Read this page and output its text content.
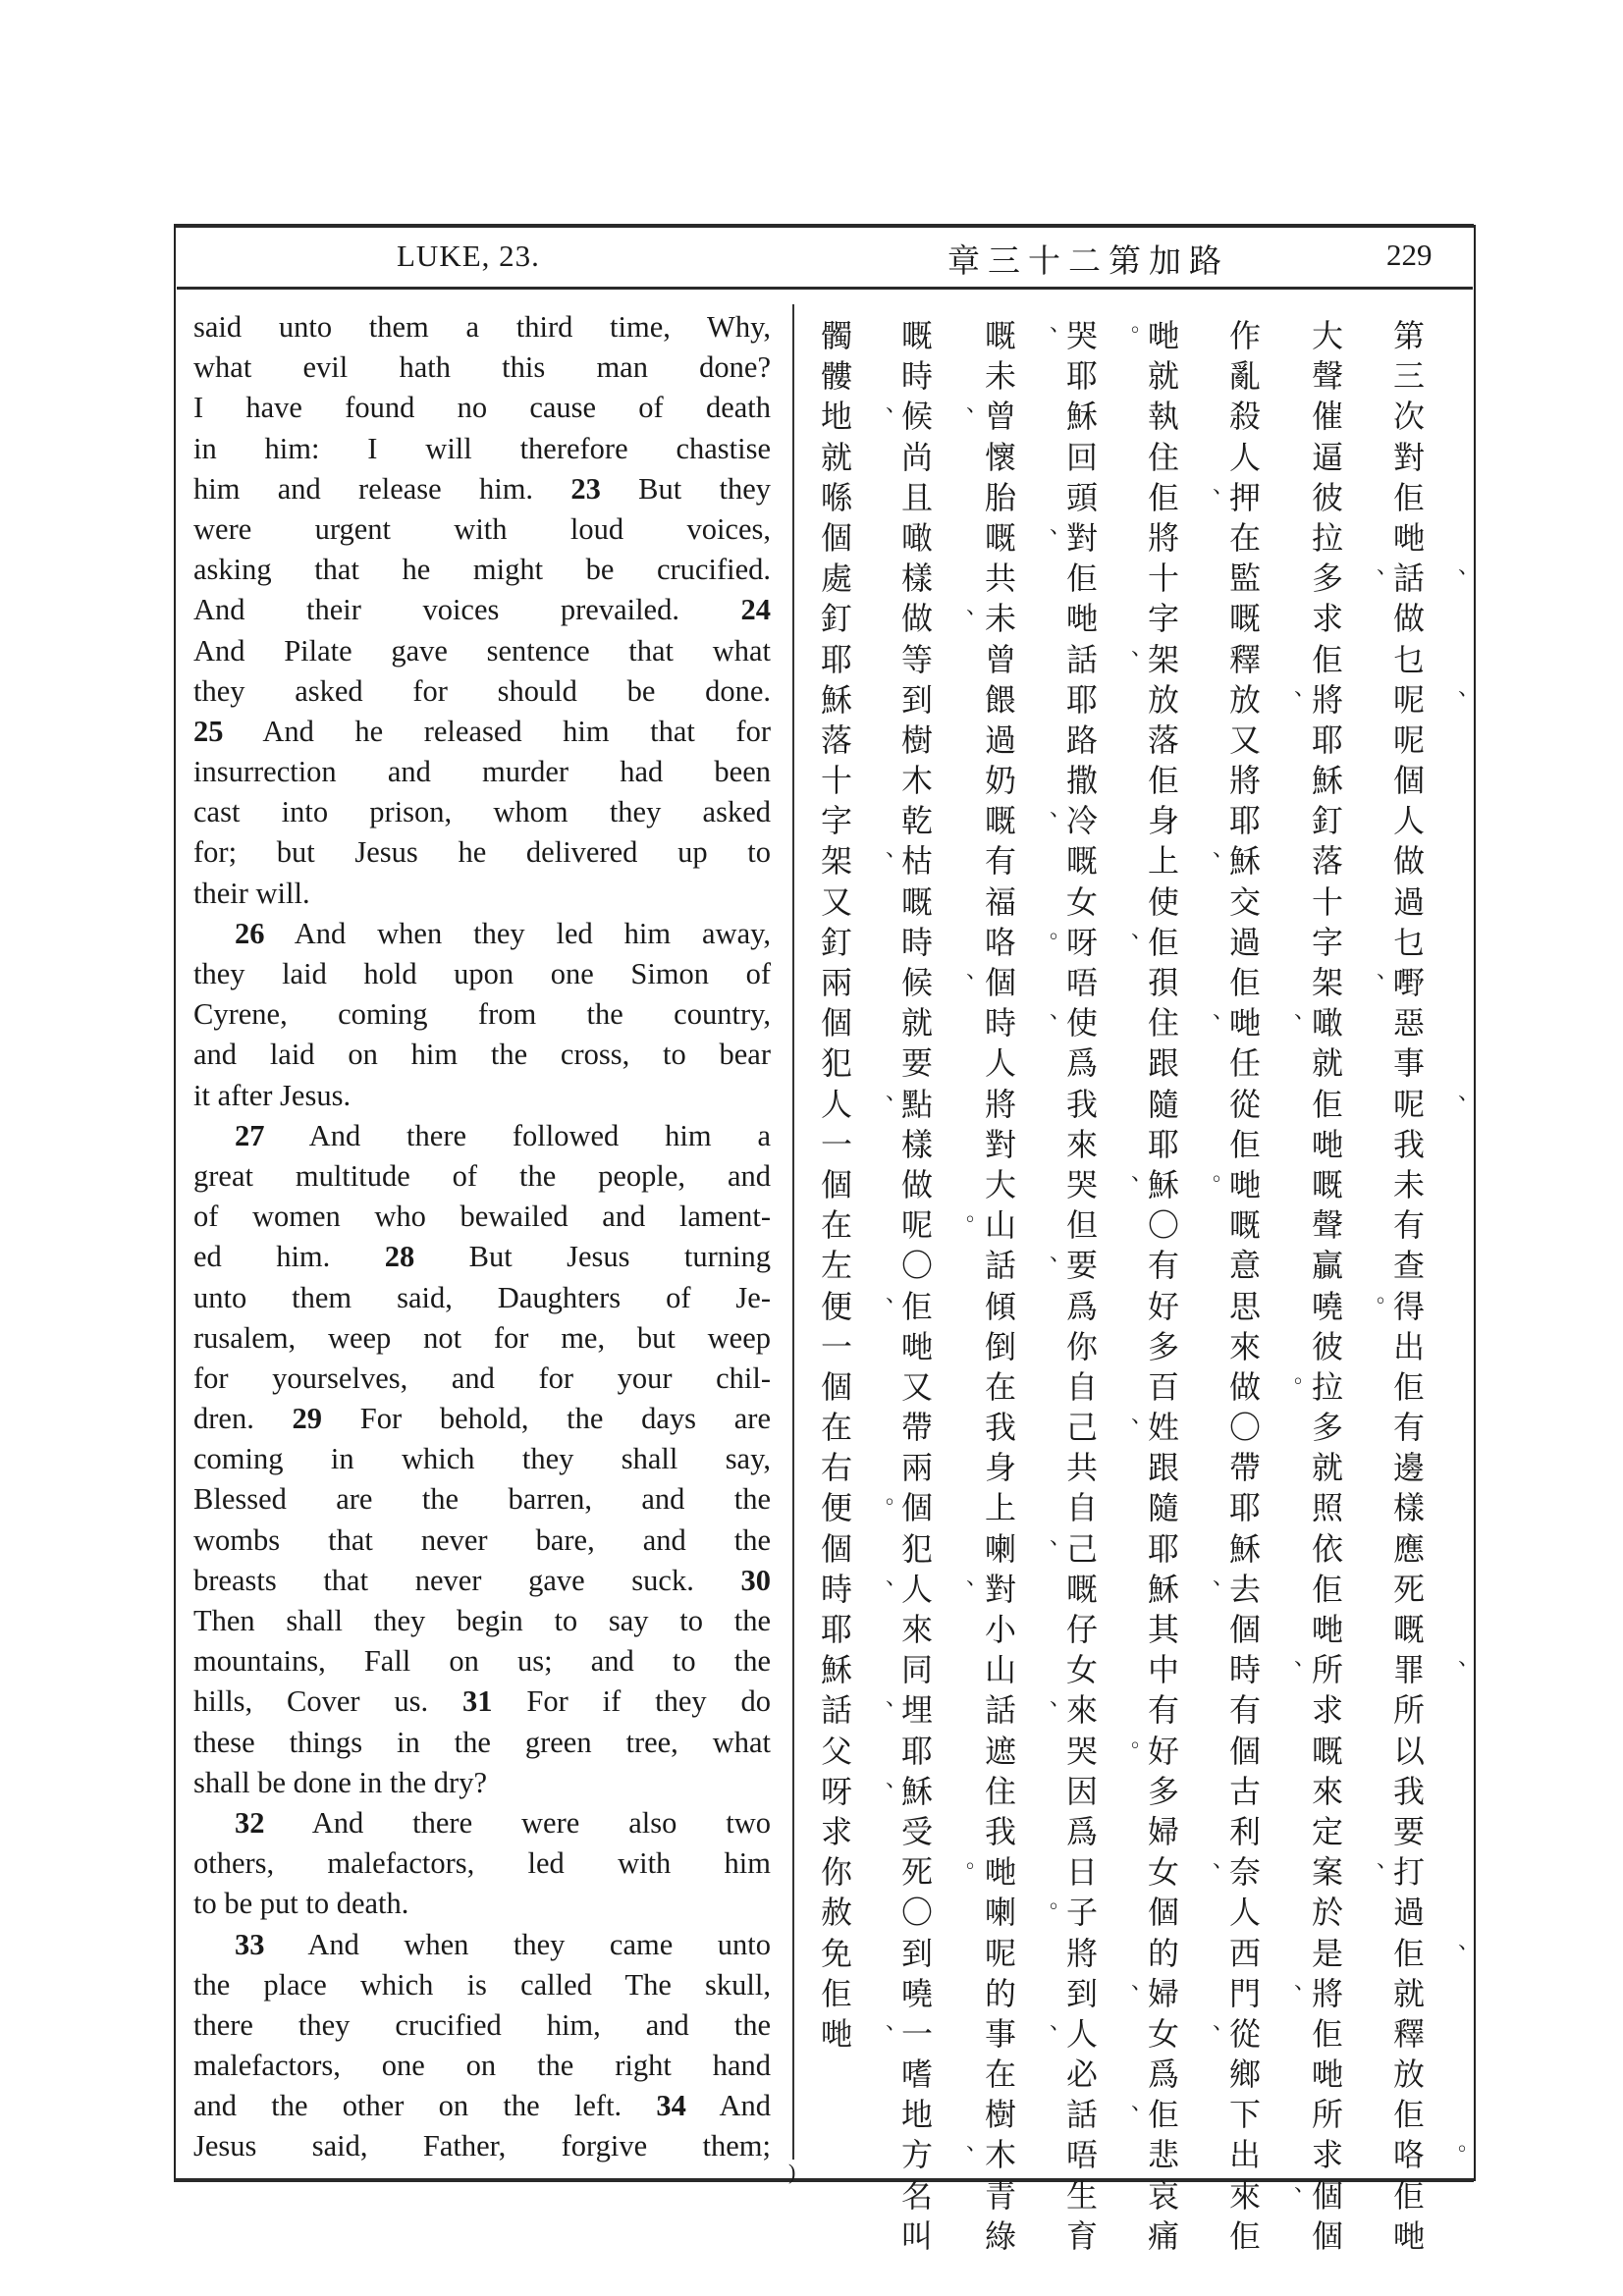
LUKE, 23.	章三十二第加路	229
said unto them a third time, Why,
what evil hath this man done?
I have found no cause of death
in him: I will therefore chastise
him and release him. 23 But they
were urgent with loud voices,
asking that he might be crucified.
And their voices prevailed. 24
And Pilate gave sentence that what
they asked for should be done.
25 And he released him that for
insurrection and murder had been
cast into prison, whom they asked
for; but Jesus he delivered up to
their will.
26 And when they led him away,
they laid hold upon one Simon of
Cyrene, coming from the country,
and laid on him the cross, to bear
it after Jesus.
27 And there followed him a
great multitude of the people, and
of women who bewailed and lament-
ed him. 28 But Jesus turning
unto them said, Daughters of Je-
rusalem, weep not for me, but weep
for yourselves, and for your chil-
dren. 29 For behold, the days are
coming in which they shall say,
Blessed are the barren, and the
wombs that never bare, and the
breasts that never gave suck. 30
Then shall they begin to say to the
mountains, Fall on us; and to the
hills, Cover us. 31 For if they do
these things in the green tree, what
shall be done in the dry?
32 And there were also two
others, malefactors, led with him
to be put to death.
33 And when they came unto
the place which is called The skull,
there they crucified him, and the
malefactors, one on the right hand
and the other on the left. 34 And
Jesus said, Father, forgive them;
第
三
次
對
佢
哋
話 、
做
乜
呢 、
呢
個
人
做
過
乜
嘢
惡
事
呢 、
我
未
有
查
得
出
佢
有
邊
樣
應
死
嘅
罪 、
所
以
我
要
打
過
佢 、
就
釋
放
佢
咯 。
佢
哋
大
聲
催
逼
彼
拉
多 、
求
佢
將
耶
穌
釘
落
十
字
架 、
噉
就
佢
哋
嘅
聲
贏
嘵 。
彼
拉
多
就
照
依
佢
哋
所
求
嘅
來
定
案 、
於
是
將
佢
哋
所
求
個
個
作
亂
殺
人
押
在
監
嘅
釋
放 、
又
將
耶
穌
交
過
佢
哋 、
任
從
佢
哋
嘅
意
思
來
做 。
〇
帶
耶
穌
去
個
時 、
有
個
古
利
奈
人
西
門 、
從
鄉
下
出
來 、
佢
哋
就
執
住
佢 、
將
十
字
架
放
落
佢
身
上 、
使
佢
孭
住 、
跟
隨
耶
穌 。
〇
有
好
多
百
姓
跟
隨
耶
穌 、
其
中
有
好
多
婦
女 、
個
的
婦
女 、
爲
佢
悲
哀
痛
哭 。
耶
穌
回
頭
對
佢
哋
話 、
耶
路
撒
冷
嘅
女
呀 、
唔
使
爲
我
來
哭 、
但
要
爲
你
自
己 、
共
自
己
嘅
仔
女
來
哭 。
因
爲
日
子
將
到 、
人
必
話 、
唔
生
育
嘅 、
未
曾
懷
胎
嘅 、
共
未
曾
餵
過
奶
嘅 、
有
福
咯 。
個
時 、
人
將
對
大
山
話 、
傾
倒
在
我
身
上
喇 、
對
小
山
話 、
遮
住
我
哋
喇 。
呢
的
事 、
在
樹
木
青
綠
嘅
時
候 、
尚
且
噉
樣
做 、
等
到
樹
木
乾
枯
嘅
時
候 、
就
要
點
樣
做
呢 。
〇
佢
哋
又
帶
兩
個
犯
人 、
來
同
埋
耶
穌
受
死 。
〇
到
嘵
一
嗜
地
方 、
名
叫
髑
髏
地 、
就
喺
個
處
釘
耶
穌
落
十
字
架 、
又
釘
兩
個
犯
人 、
一
個
在
左
便 、
一
個
在
右
便 。
個
時 、
耶
穌
話 、
父
呀 、
求
你
赦
免
佢
哋 、
)
